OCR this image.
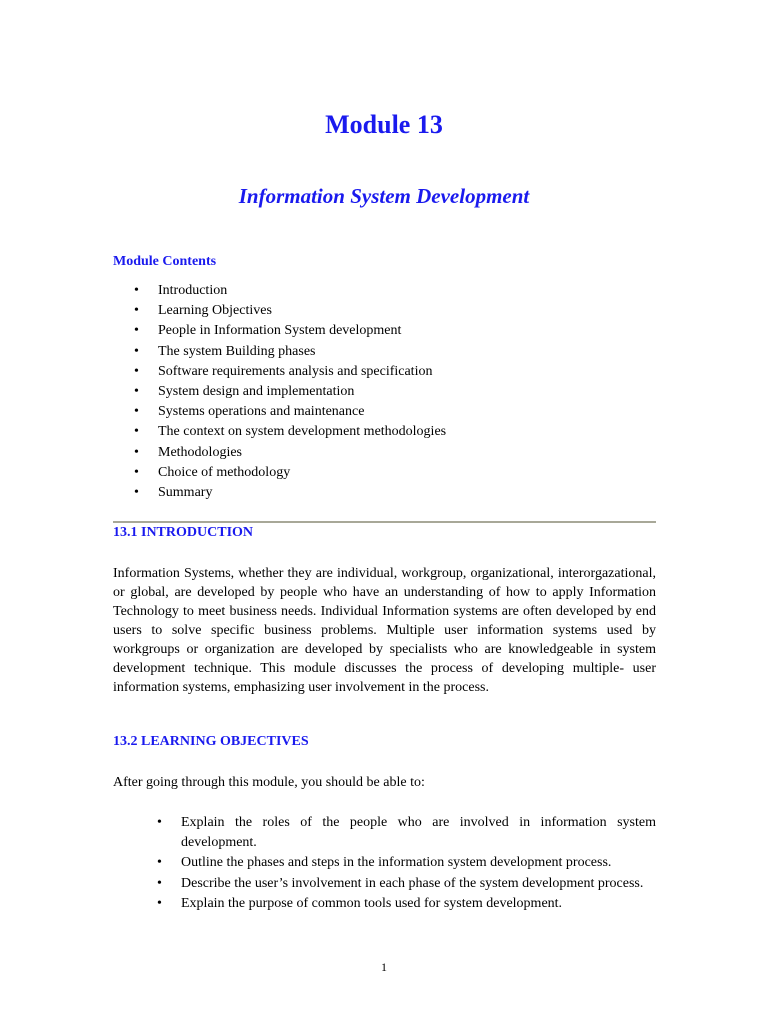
Module 13
Information System Development
Module Contents
• Introduction
• Learning Objectives
• People in Information System development
• The system Building phases
• Software requirements analysis and specification
• System design and implementation
• Systems operations and maintenance
• The context on system development methodologies
• Methodologies
• Choice of methodology
• Summary
13.1 INTRODUCTION

Information Systems, whether they are individual, workgroup, organizational, interorgazational, or global, are developed by people who have an understanding of how to apply Information Technology to meet business needs. Individual Information systems are often developed by end users to solve specific business problems. Multiple user information systems used by workgroups or organization are developed by specialists who are knowledgeable in system development technique. This module discusses the process of developing multiple- user information systems, emphasizing user involvement in the process.

13.2 LEARNING OBJECTIVES

After going through this module, you should be able to:

• Explain the roles of the people who are involved in information system development.
• Outline the phases and steps in the information system development process.
• Describe the user’s involvement in each phase of the system development process.
• Explain the purpose of common tools used for system development.
1
